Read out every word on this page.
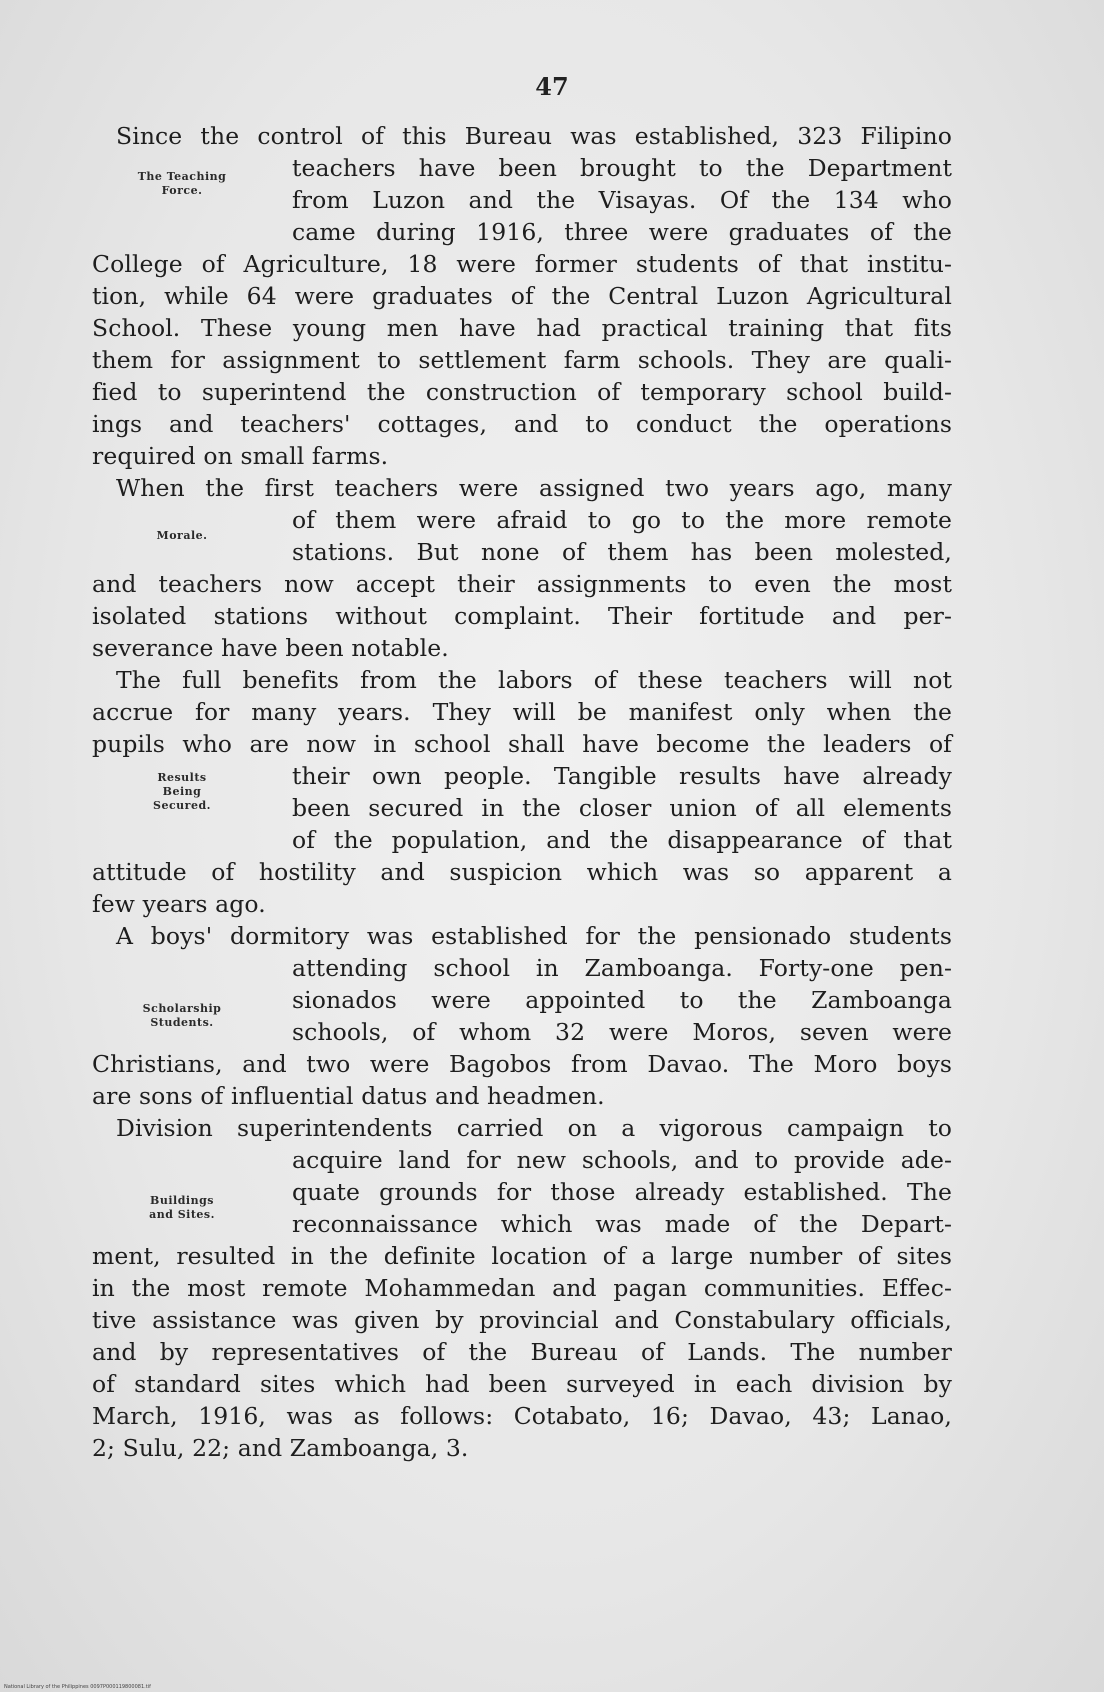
47
Since the control of this Bureau was established, 323 Filipino
teachers have been brought to the Department
from Luzon and the Visayas. Of the 134 who
came during 1916, three were graduates of the
College of Agriculture, 18 were former students of that institu-
tion, while 64 were graduates of the Central Luzon Agricultural
School. These young men have had practical training that fits
them for assignment to settlement farm schools. They are quali-
fied to superintend the construction of temporary school build-
ings and teachers' cottages, and to conduct the operations
required on small farms.
The Teaching
Force.
When the first teachers were assigned two years ago, many
of them were afraid to go to the more remote
stations. But none of them has been molested,
and teachers now accept their assignments to even the most
isolated stations without complaint. Their fortitude and per-
severance have been notable.
Morale.
The full benefits from the labors of these teachers will not
accrue for many years. They will be manifest only when the
pupils who are now in school shall have become the leaders of
their own people. Tangible results have already
been secured in the closer union of all elements
of the population, and the disappearance of that
attitude of hostility and suspicion which was so apparent a
few years ago.
Results
Being
Secured.
A boys' dormitory was established for the pensionado students
attending school in Zamboanga. Forty-one pen-
sionados were appointed to the Zamboanga
schools, of whom 32 were Moros, seven were
Christians, and two were Bagobos from Davao. The Moro boys
are sons of influential datus and headmen.
Scholarship
Students.
Division superintendents carried on a vigorous campaign to
acquire land for new schools, and to provide ade-
quate grounds for those already established. The
reconnaissance which was made of the Depart-
ment, resulted in the definite location of a large number of sites
in the most remote Mohammedan and pagan communities. Effec-
tive assistance was given by provincial and Constabulary officials,
and by representatives of the Bureau of Lands. The number
of standard sites which had been surveyed in each division by
March, 1916, was as follows: Cotabato, 16; Davao, 43; Lanao,
2; Sulu, 22; and Zamboanga, 3.
Buildings
and Sites.
National Library of the Philippines 0097P000119800081.tif
